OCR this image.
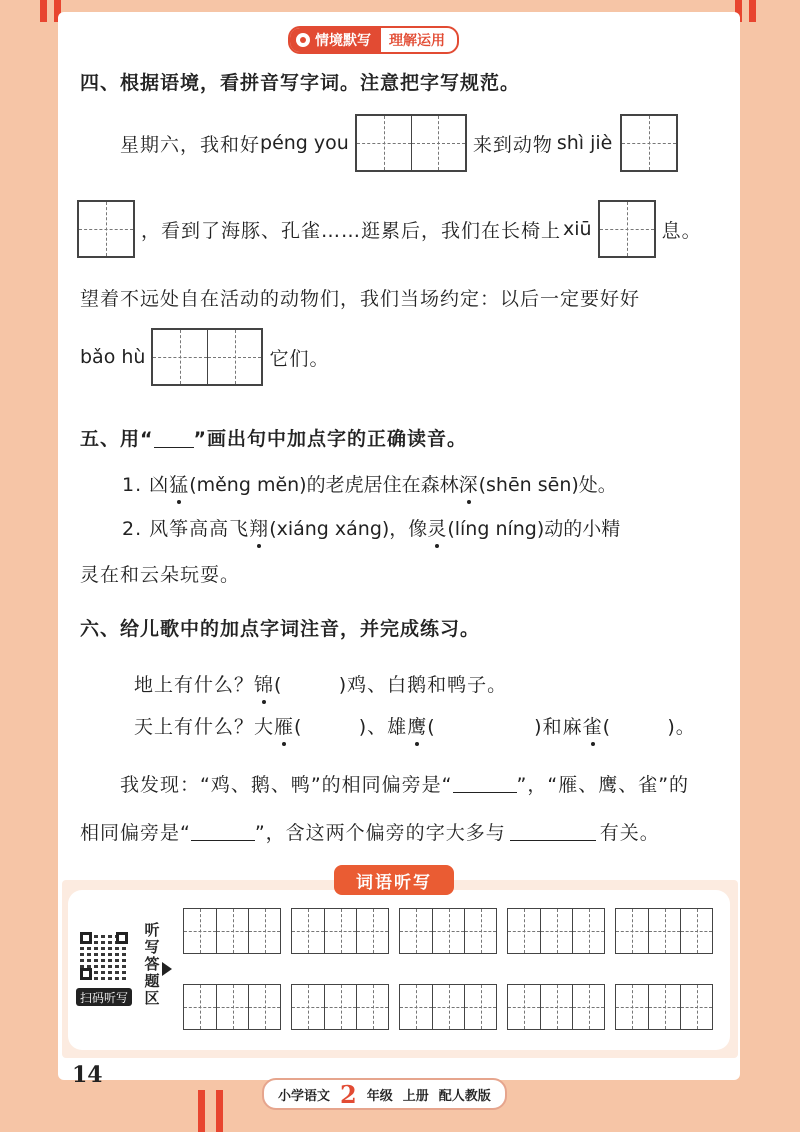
情境默写	理解运用
四、根据语境，看拼音写字词。注意把字写规范。
星期六，我和好 péng you	来到动物 shì jiè
，看到了海豚、孔雀……逛累后，我们在长椅上 xiū	息。
望着不远处自在活动的动物们，我们当场约定：以后一定要好好
bǎo hù	它们。
五、用“ ”画出句中加点字的正确读音。
1. 凶 猛 (měng mĕn)的老虎居住在森林 深 (shēn sēn)处。
2. 风筝高高飞 翔 (xiáng xáng)，像 灵 (líng níng)动的小精
灵在和云朵玩耍。
六、给儿歌中的加点字词注音，并完成练习。
地上有什么？ 锦 (        )鸡、白鹅和鸭子。
天上有什么？大 雁 (        )、雄 鹰 (              )和麻 雀 (        )。
我发现：“鸡、鹅、鸭”的相同偏旁是“	”，“雁、鹰、雀”的
相同偏旁是“	”，含这两个偏旁的字大多与	有关。
词语听写
扫码听写
听写答题区
14
小学语文 2 年级 上册 配人教版
